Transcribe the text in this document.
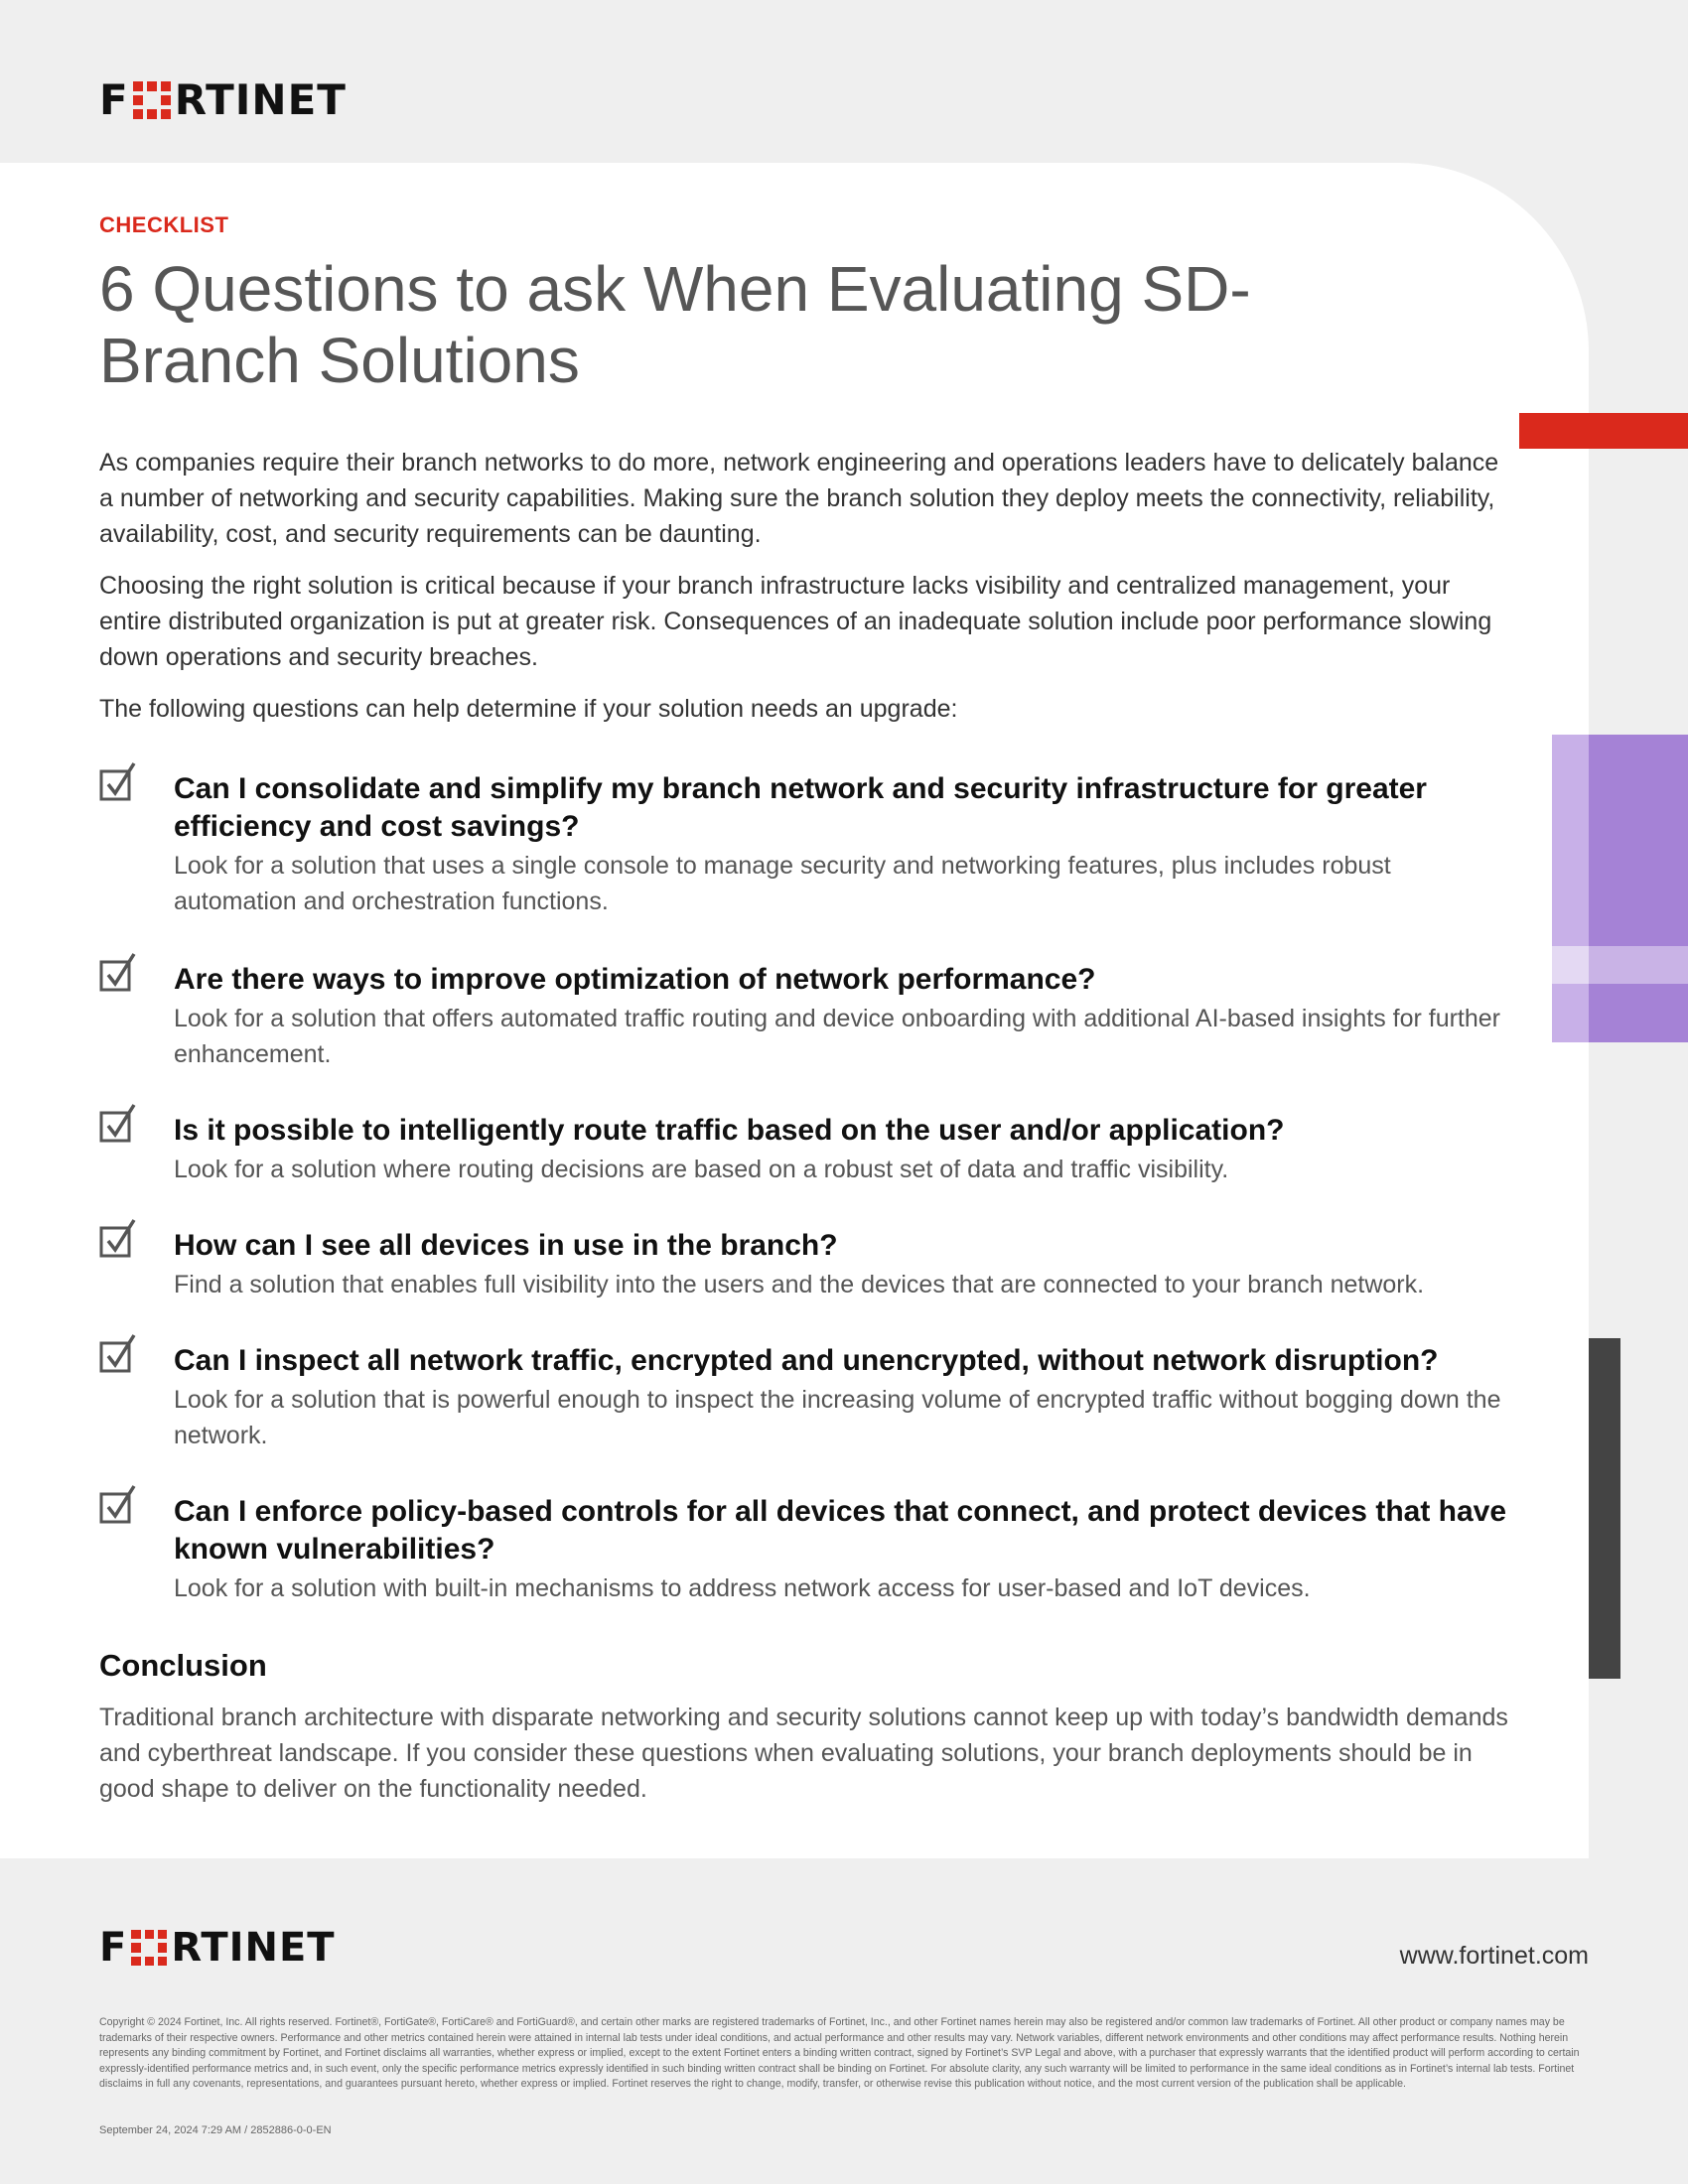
F RTINET
CHECKLIST
6 Questions to ask When Evaluating SD-Branch Solutions

As companies require their branch networks to do more, network engineering and operations leaders have to delicately balance a number of networking and security capabilities. Making sure the branch solution they deploy meets the connectivity, reliability, availability, cost, and security requirements can be daunting.

Choosing the right solution is critical because if your branch infrastructure lacks visibility and centralized management, your entire distributed organization is put at greater risk. Consequences of an inadequate solution include poor performance slowing down operations and security breaches.

The following questions can help determine if your solution needs an upgrade:

Can I consolidate and simplify my branch network and security infrastructure for greater efficiency and cost savings?

Look for a solution that uses a single console to manage security and networking features, plus includes robust automation and orchestration functions.

Are there ways to improve optimization of network performance?

Look for a solution that offers automated traffic routing and device onboarding with additional AI-based insights for further enhancement.

Is it possible to intelligently route traffic based on the user and/or application?

Look for a solution where routing decisions are based on a robust set of data and traffic visibility.

How can I see all devices in use in the branch?

Find a solution that enables full visibility into the users and the devices that are connected to your branch network.

Can I inspect all network traffic, encrypted and unencrypted, without network disruption?

Look for a solution that is powerful enough to inspect the increasing volume of encrypted traffic without bogging down the network.

Can I enforce policy-based controls for all devices that connect, and protect devices that have known vulnerabilities?

Look for a solution with built-in mechanisms to address network access for user-based and IoT devices.

Conclusion

Traditional branch architecture with disparate networking and security solutions cannot keep up with today’s bandwidth demands and cyberthreat landscape. If you consider these questions when evaluating solutions, your branch deployments should be in good shape to deliver on the functionality needed.

F RTINET	www.fortinet.com

Copyright © 2024 Fortinet, Inc. All rights reserved. Fortinet®, FortiGate®, FortiCare® and FortiGuard®, and certain other marks are registered trademarks of Fortinet, Inc., and other Fortinet names herein may also be registered and/or common law trademarks of Fortinet. All other product or company names may be trademarks of their respective owners. Performance and other metrics contained herein were attained in internal lab tests under ideal conditions, and actual performance and other results may vary. Network variables, different network environments and other conditions may affect performance results. Nothing herein represents any binding commitment by Fortinet, and Fortinet disclaims all warranties, whether express or implied, except to the extent Fortinet enters a binding written contract, signed by Fortinet’s SVP Legal and above, with a purchaser that expressly warrants that the identified product will perform according to certain expressly-identified performance metrics and, in such event, only the specific performance metrics expressly identified in such binding written contract shall be binding on Fortinet. For absolute clarity, any such warranty will be limited to performance in the same ideal conditions as in Fortinet’s internal lab tests. Fortinet disclaims in full any covenants, representations, and guarantees pursuant hereto, whether express or implied. Fortinet reserves the right to change, modify, transfer, or otherwise revise this publication without notice, and the most current version of the publication shall be applicable.

September 24, 2024 7:29 AM / 2852886-0-0-EN
